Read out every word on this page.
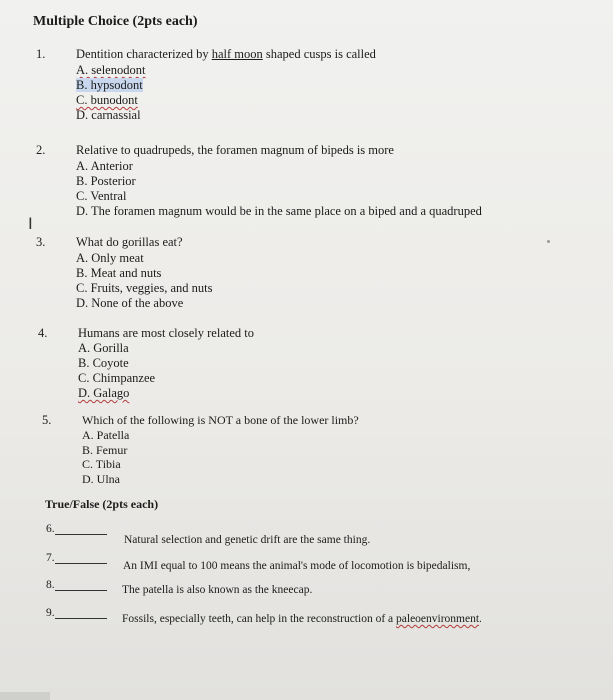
Multiple Choice (2pts each)
1. Dentition characterized by half moon shaped cusps is called
A. selenodont
B. hypsodont
C. bunodont
D. carnassial
2. Relative to quadrupeds, the foramen magnum of bipeds is more
A. Anterior
B. Posterior
C. Ventral
D. The foramen magnum would be in the same place on a biped and a quadruped
I
3. What do gorillas eat?
A. Only meat
B. Meat and nuts
C. Fruits, veggies, and nuts
D. None of the above
4. Humans are most closely related to
A. Gorilla
B. Coyote
C. Chimpanzee
D. Galago
5.	Which of the following is NOT a bone of the lower limb?
A. Patella
B. Femur
C. Tibia
D. Ulna
True/False (2pts each)
6.
Natural selection and genetic drift are the same thing.
7.
An IMI equal to 100 means the animal's mode of locomotion is bipedalism,
8.	The patella is also known as the kneecap.
9.	Fossils, especially teeth, can help in the reconstruction of a paleoenvironment.
